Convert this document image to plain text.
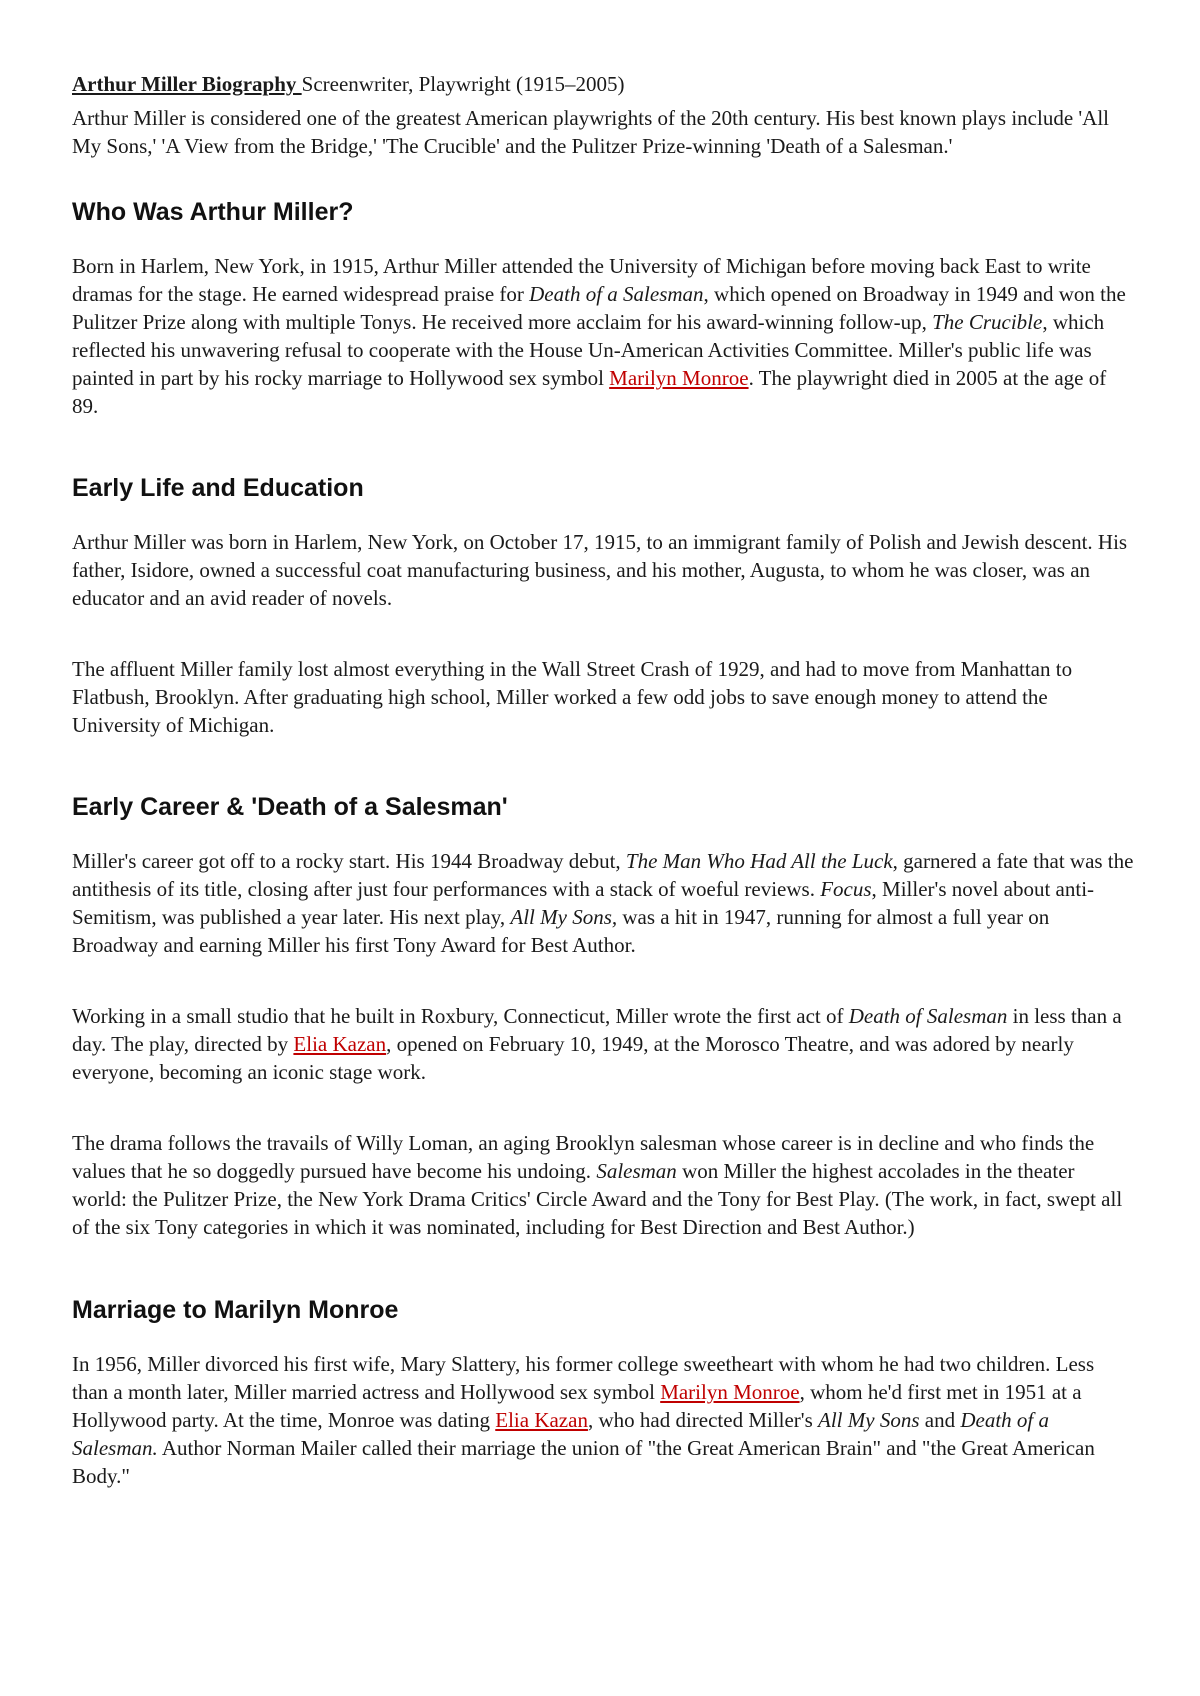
Arthur Miller Biography Screenwriter, Playwright (1915–2005)

Arthur Miller is considered one of the greatest American playwrights of the 20th century. His best known plays include 'All My Sons,' 'A View from the Bridge,' 'The Crucible' and the Pulitzer Prize-winning 'Death of a Salesman.'

Who Was Arthur Miller?

Born in Harlem, New York, in 1915, Arthur Miller attended the University of Michigan before moving back East to write dramas for the stage. He earned widespread praise for Death of a Salesman, which opened on Broadway in 1949 and won the Pulitzer Prize along with multiple Tonys. He received more acclaim for his award-winning follow-up, The Crucible, which reflected his unwavering refusal to cooperate with the House Un-American Activities Committee. Miller's public life was painted in part by his rocky marriage to Hollywood sex symbol Marilyn Monroe. The playwright died in 2005 at the age of 89.

Early Life and Education

Arthur Miller was born in Harlem, New York, on October 17, 1915, to an immigrant family of Polish and Jewish descent. His father, Isidore, owned a successful coat manufacturing business, and his mother, Augusta, to whom he was closer, was an educator and an avid reader of novels.

The affluent Miller family lost almost everything in the Wall Street Crash of 1929, and had to move from Manhattan to Flatbush, Brooklyn. After graduating high school, Miller worked a few odd jobs to save enough money to attend the University of Michigan.

Early Career & 'Death of a Salesman'

Miller's career got off to a rocky start. His 1944 Broadway debut, The Man Who Had All the Luck, garnered a fate that was the antithesis of its title, closing after just four performances with a stack of woeful reviews. Focus, Miller's novel about anti-Semitism, was published a year later. His next play, All My Sons, was a hit in 1947, running for almost a full year on Broadway and earning Miller his first Tony Award for Best Author.

Working in a small studio that he built in Roxbury, Connecticut, Miller wrote the first act of Death of Salesman in less than a day. The play, directed by Elia Kazan, opened on February 10, 1949, at the Morosco Theatre, and was adored by nearly everyone, becoming an iconic stage work.

The drama follows the travails of Willy Loman, an aging Brooklyn salesman whose career is in decline and who finds the values that he so doggedly pursued have become his undoing. Salesman won Miller the highest accolades in the theater world: the Pulitzer Prize, the New York Drama Critics' Circle Award and the Tony for Best Play. (The work, in fact, swept all of the six Tony categories in which it was nominated, including for Best Direction and Best Author.)

Marriage to Marilyn Monroe

In 1956, Miller divorced his first wife, Mary Slattery, his former college sweetheart with whom he had two children. Less than a month later, Miller married actress and Hollywood sex symbol Marilyn Monroe, whom he'd first met in 1951 at a Hollywood party. At the time, Monroe was dating Elia Kazan, who had directed Miller's All My Sons and Death of a Salesman. Author Norman Mailer called their marriage the union of "the Great American Brain" and "the Great American Body."
